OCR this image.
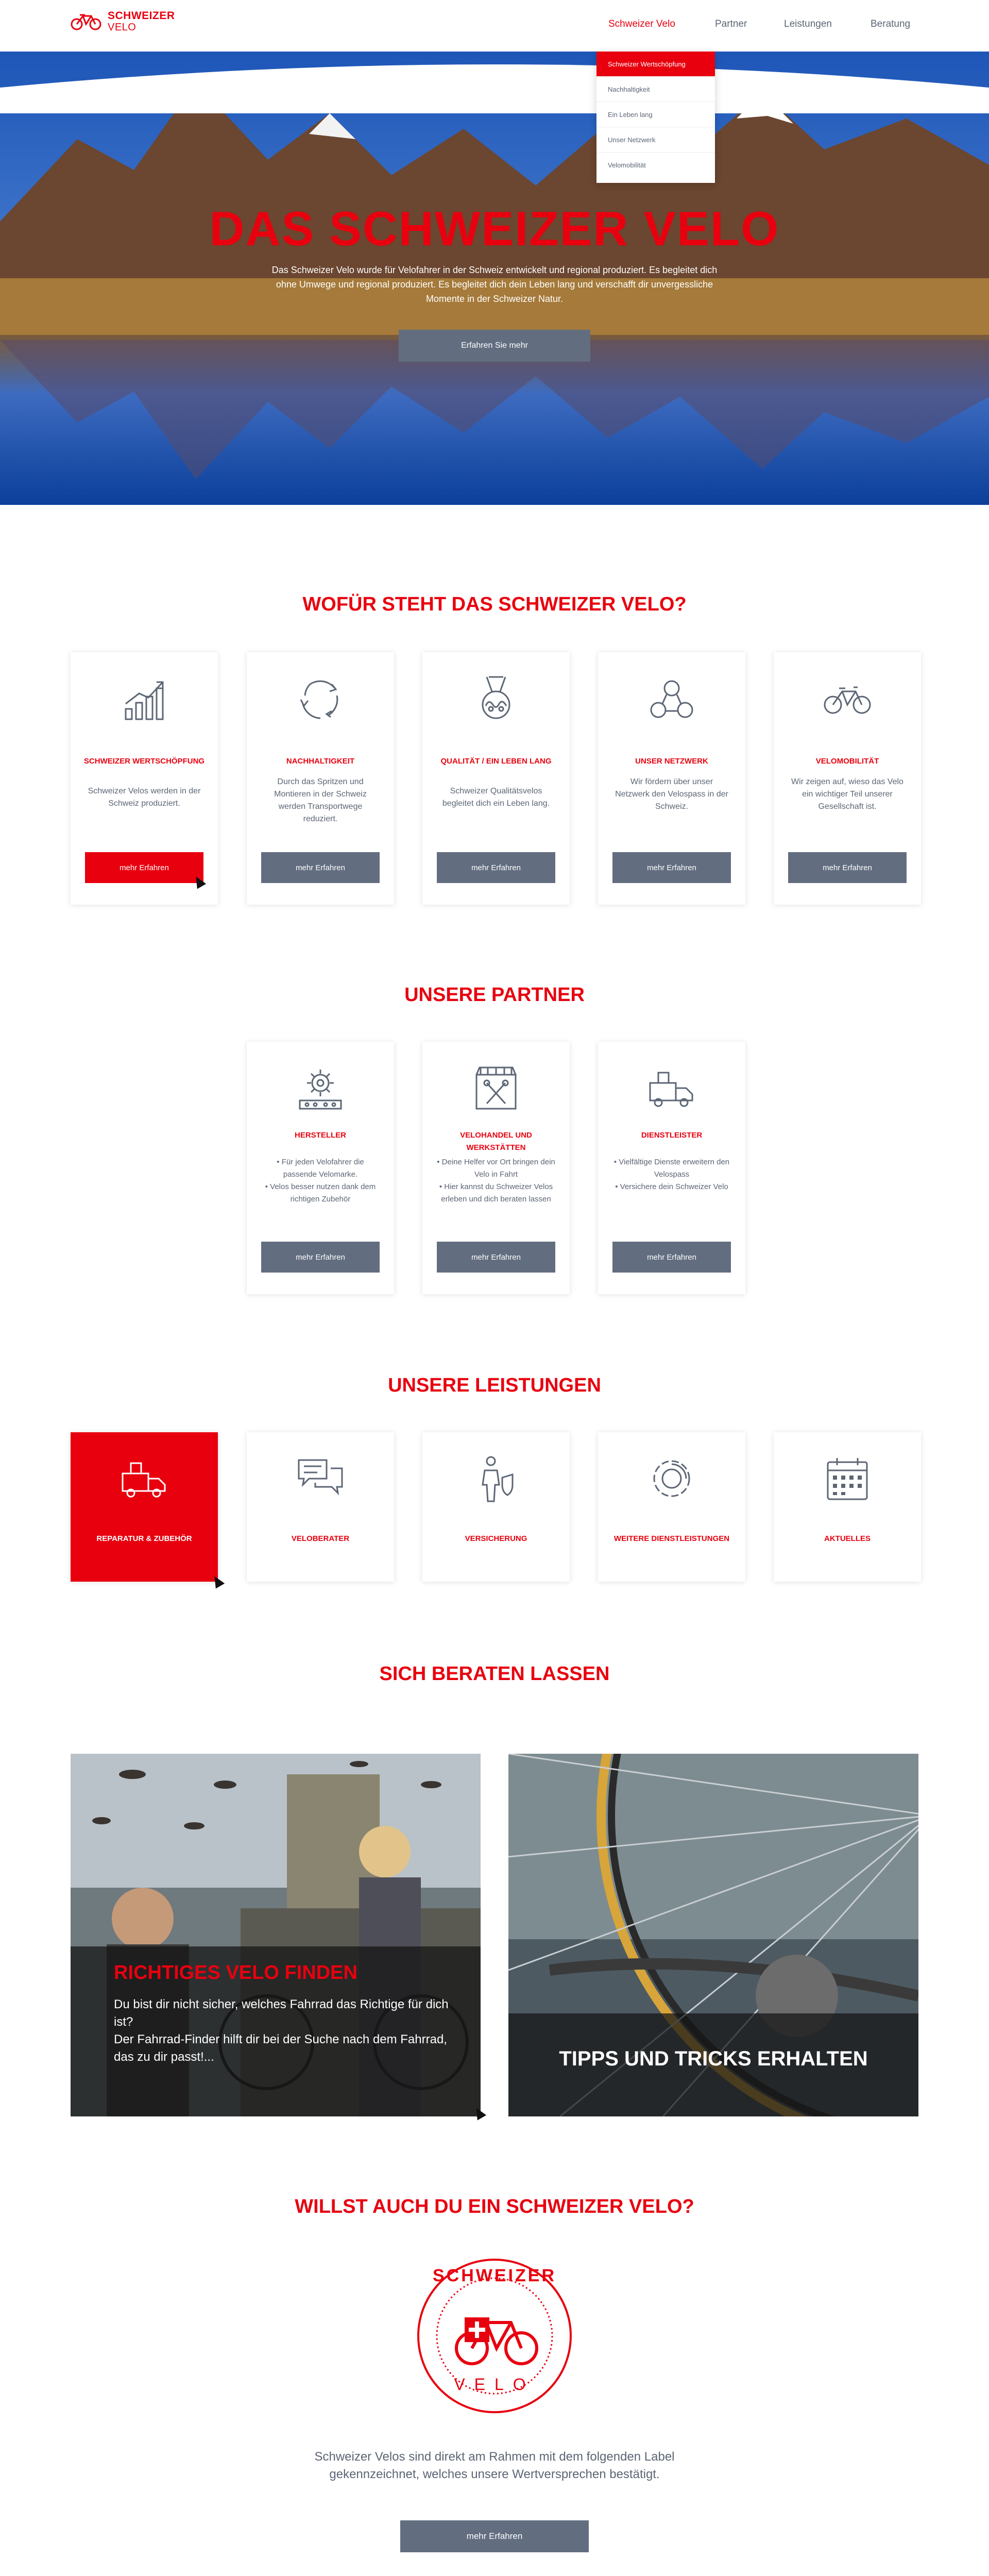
SCHWEIZER
VELO	Schweizer Velo	Partner	Leistungen	Beratung
Schweizer Wertschöpfung
Nachhaltigkeit
Ein Leben lang
Unser Netzwerk
Velomobilität
DAS SCHWEIZER VELO
Das Schweizer Velo wurde für Velofahrer in der Schweiz entwickelt und regional produziert. Es begleitet dich ohne Umwege und regional produziert. Es begleitet dich dein Leben lang und verschafft dir unvergessliche Momente in der Schweizer Natur.
Erfahren Sie mehr
WOFÜR STEHT DAS SCHWEIZER VELO?
SCHWEIZER WERTSCHÖPFUNG
Schweizer Velos werden in der Schweiz produziert.
mehr Erfahren
NACHHALTIGKEIT
Durch das Spritzen und Montieren in der Schweiz werden Transportwege reduziert.
mehr Erfahren
QUALITÄT / EIN LEBEN LANG
Schweizer Qualitätsvelos begleitet dich ein Leben lang.
mehr Erfahren
UNSER NETZWERK
Wir fördern über unser Netzwerk den Velospass in der Schweiz.
mehr Erfahren
VELOMOBILITÄT
Wir zeigen auf, wieso das Velo ein wichtiger Teil unserer Gesellschaft ist.
mehr Erfahren
UNSERE PARTNER
HERSTELLER
• Für jeden Velofahrer die passende Velomarke.
• Velos besser nutzen dank dem richtigen Zubehör
mehr Erfahren
VELOHANDEL UND WERKSTÄTTEN
• Deine Helfer vor Ort bringen dein Velo in Fahrt
• Hier kannst du Schweizer Velos erleben und dich beraten lassen
mehr Erfahren
DIENSTLEISTER
• Vielfältige Dienste erweitern den Velospass
• Versichere dein Schweizer Velo
mehr Erfahren
UNSERE LEISTUNGEN
REPARATUR & ZUBEHÖR	VELOBERATER	VERSICHERUNG	WEITERE DIENSTLEISTUNGEN	AKTUELLES
SICH BERATEN LASSEN
RICHTIGES VELO FINDEN
Du bist dir nicht sicher, welches Fahrrad das Richtige für dich ist?
Der Fahrrad-Finder hilft dir bei der Suche nach dem Fahrrad, das zu dir passt!...	TIPPS UND TRICKS ERHALTEN
WILLST AUCH DU EIN SCHWEIZER VELO?
SCHWEIZER
VELO
Schweizer Velos sind direkt am Rahmen mit dem folgenden Label gekennzeichnet, welches unsere Wertversprechen bestätigt.
mehr Erfahren
